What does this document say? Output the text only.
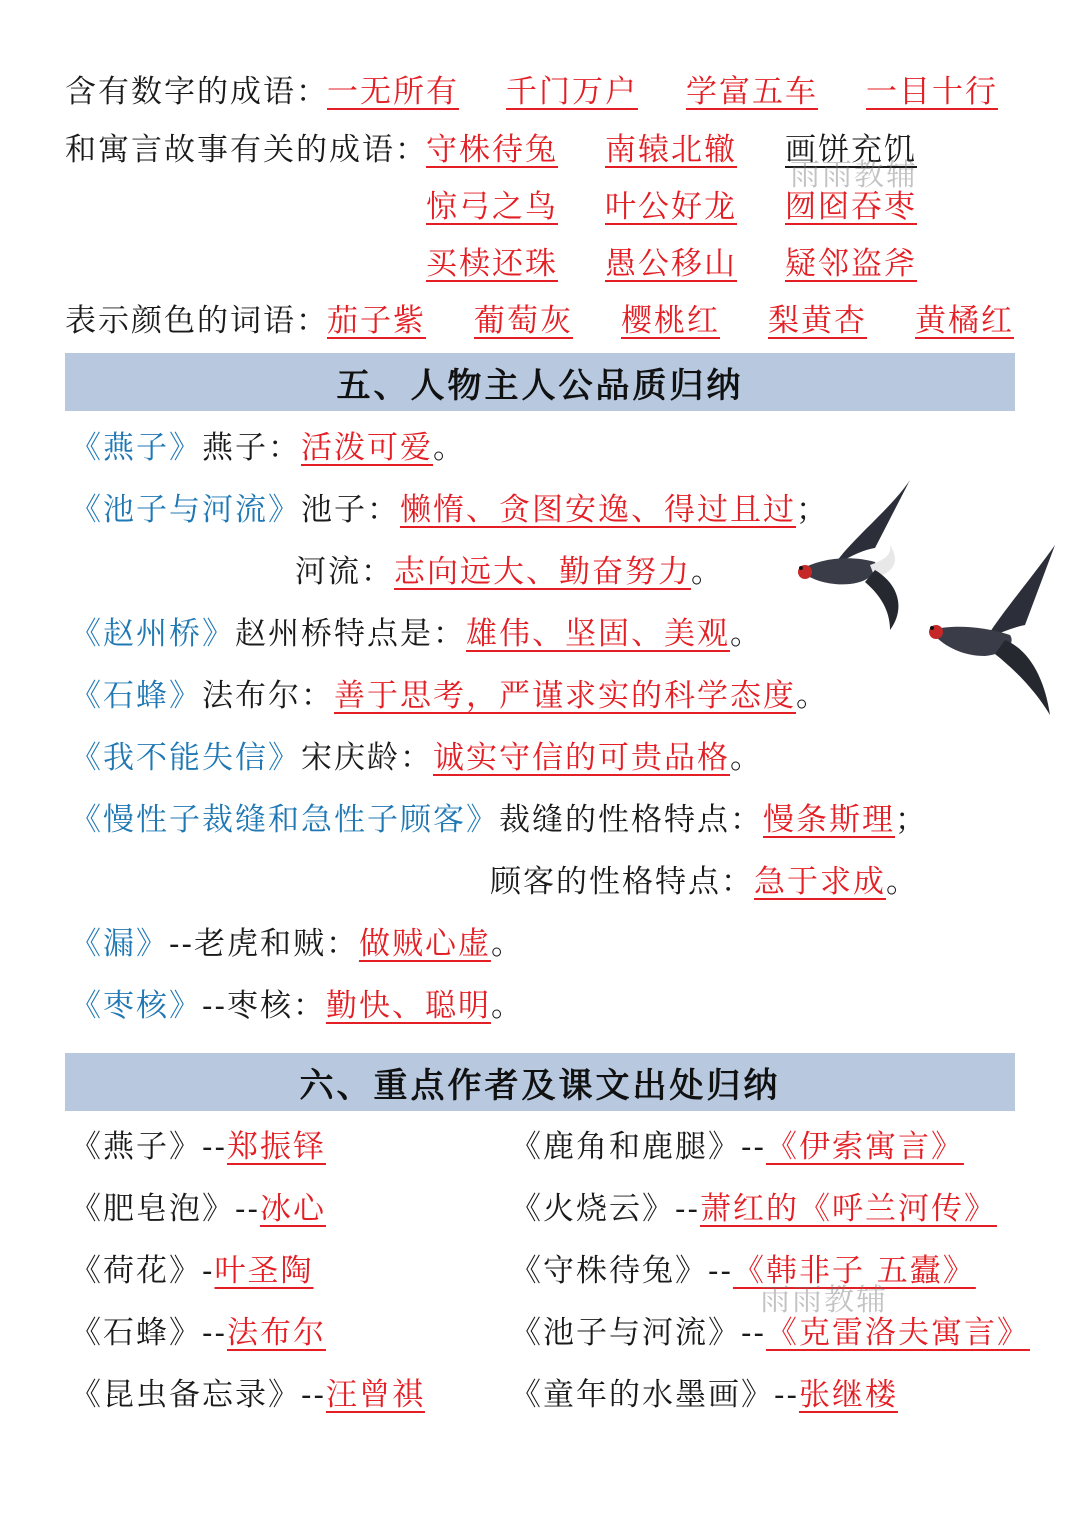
含有数字的成语：
一无所有 千门万户 学富五车 一目十行
和寓言故事有关的成语：
守株待兔 南辕北辙 画饼充饥
惊弓之鸟 叶公好龙 囫囵吞枣
买椟还珠 愚公移山 疑邻盗斧
表示颜色的词语：
茄子紫 葡萄灰 樱桃红 梨黄杏 黄橘红
五、人物主人公品质归纳
《燕子》燕子：活泼可爱。
《池子与河流》池子：懒惰、贪图安逸、得过且过；
河流：志向远大、勤奋努力。
《赵州桥》赵州桥特点是：雄伟、坚固、美观。
《石蜂》法布尔：善于思考，严谨求实的科学态度。
《我不能失信》宋庆龄：诚实守信的可贵品格。
《慢性子裁缝和急性子顾客》裁缝的性格特点：慢条斯理；
顾客的性格特点：急于求成。
《漏》--老虎和贼：做贼心虚。
《枣核》--枣核：勤快、聪明。
六、重点作者及课文出处归纳
《燕子》--郑振铎
《肥皂泡》--冰心
《荷花》-叶圣陶
《石蜂》--法布尔
《昆虫备忘录》--汪曾祺
《鹿角和鹿腿》--《伊索寓言》
《火烧云》--萧红的《呼兰河传》
《守株待兔》--《韩非子 五蠹》
《池子与河流》--《克雷洛夫寓言》
《童年的水墨画》--张继楼
雨雨教辅
雨雨教辅
